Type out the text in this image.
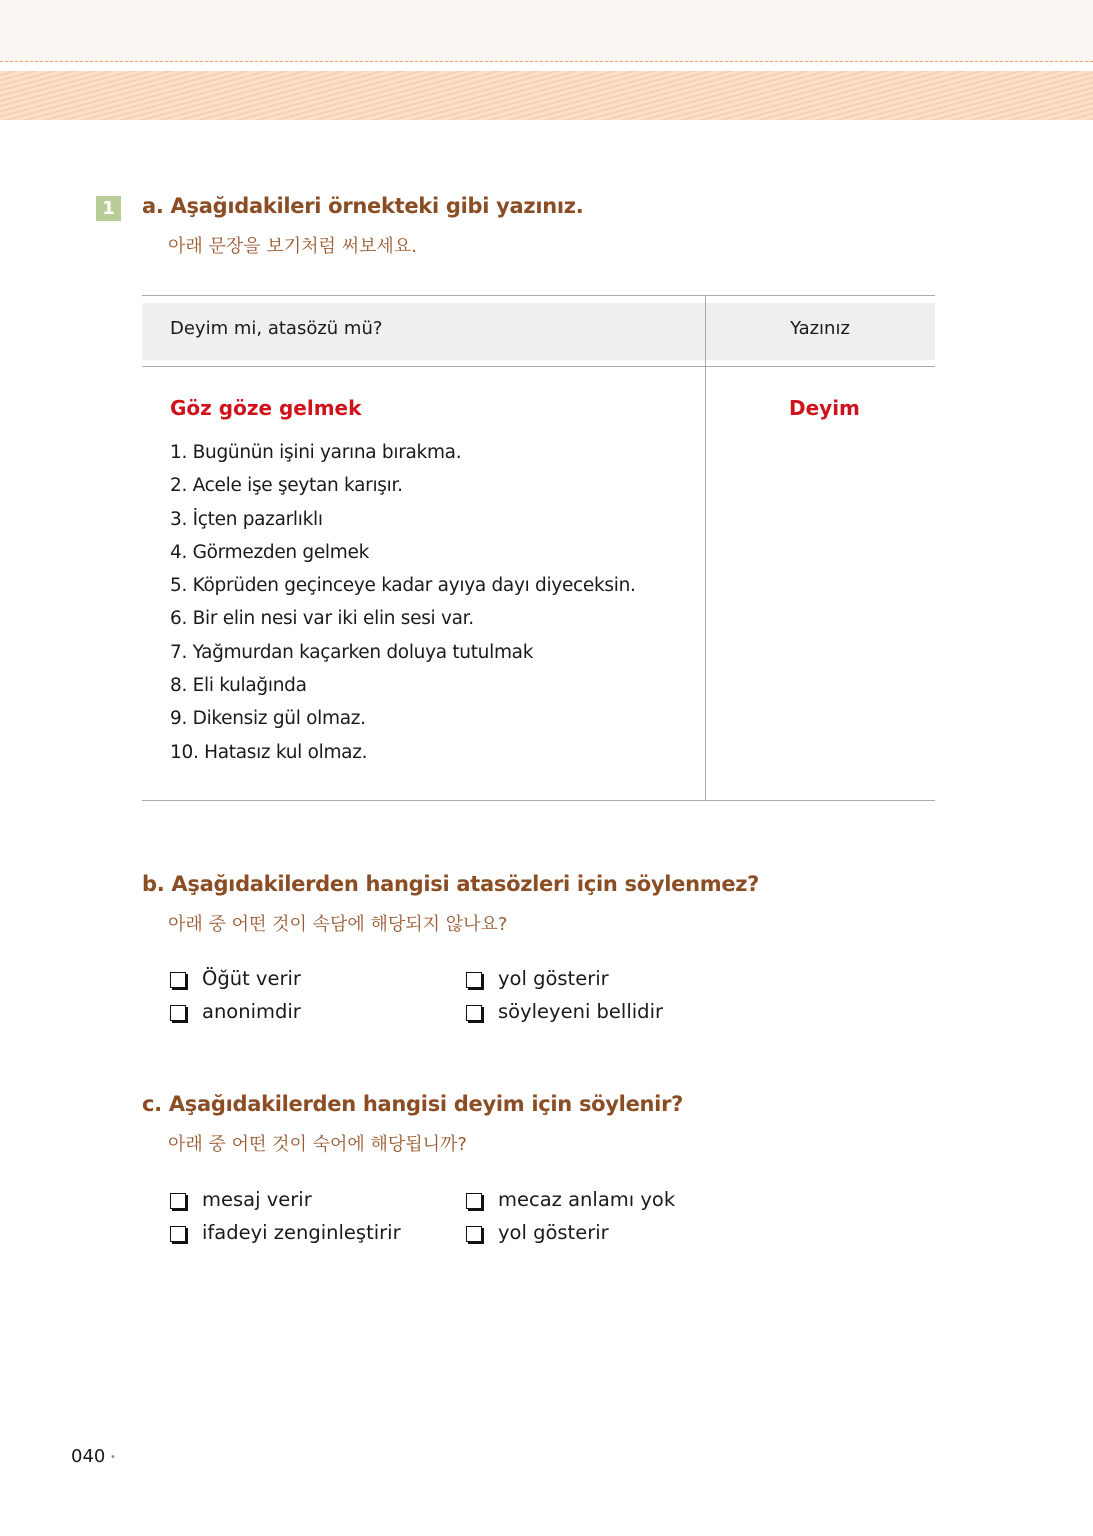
1 a. Aşağıdakileri örnekteki gibi yazınız.
아래 문장을 보기처럼 써보세요.
Deyim mi, atasözü mü?	Yazınız
Göz göze gelmek	Deyim
1. Bugünün işini yarına bırakma.
2. Acele işe şeytan karışır.
3. İçten pazarlıklı
4. Görmezden gelmek
5. Köprüden geçinceye kadar ayıya dayı diyeceksin.
6. Bir elin nesi var iki elin sesi var.
7. Yağmurdan kaçarken doluya tutulmak
8. Eli kulağında
9. Dikensiz gül olmaz.
10. Hatasız kul olmaz.
b. Aşağıdakilerden hangisi atasözleri için söylenmez?
아래 중 어떤 것이 속담에 해당되지 않나요?
Öğüt verir	yol gösterir
anonimdir	söyleyeni bellidir
c. Aşağıdakilerden hangisi deyim için söylenir?
아래 중 어떤 것이 숙어에 해당됩니까?
mesaj verir	mecaz anlamı yok
ifadeyi zenginleştirir	yol gösterir
040 •
